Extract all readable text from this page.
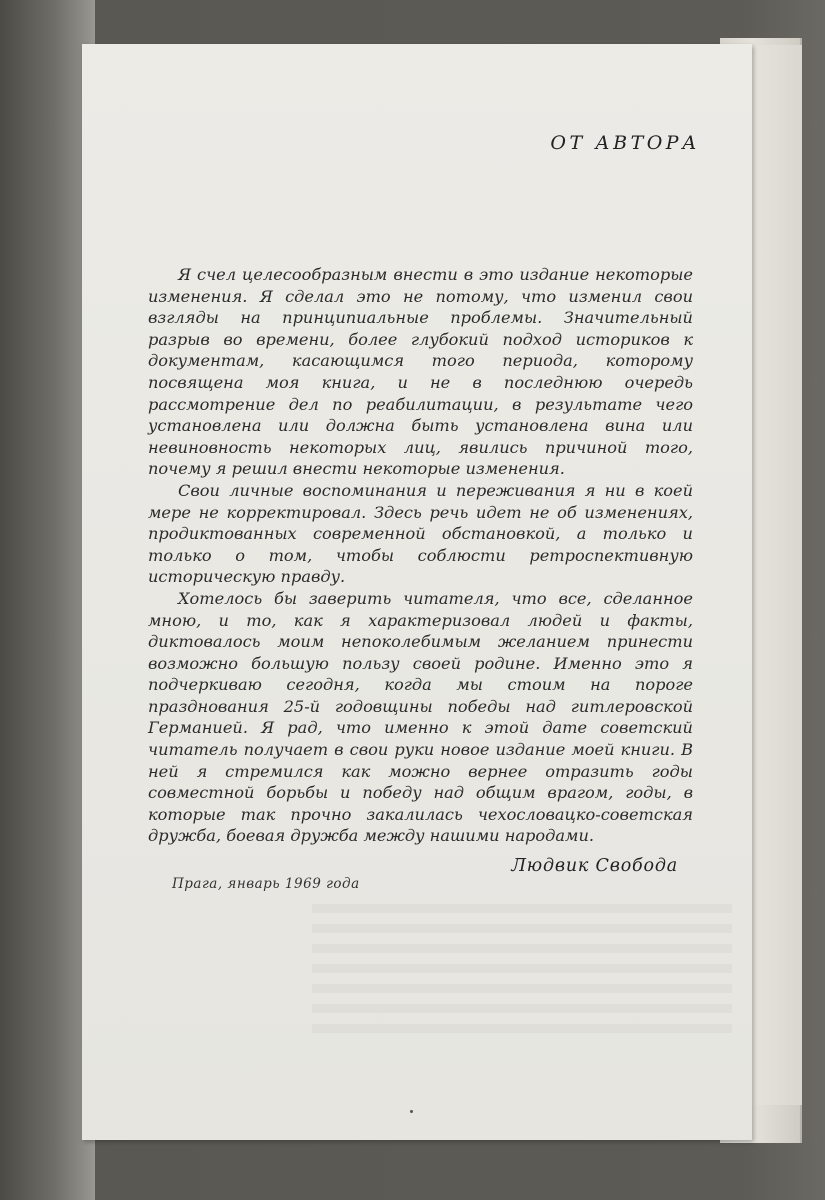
ОТ АВТОРА

Я счел целесообразным внести в это издание некоторые изменения. Я сделал это не потому, что изменил свои взгляды на принципиальные проблемы. Значительный разрыв во времени, более глубокий подход историков к документам, касающимся того периода, которому посвящена моя книга, и не в последнюю очередь рассмотрение дел по реабилитации, в результате чего установлена или должна быть установлена вина или невиновность некоторых лиц, явились причиной того, почему я решил внести некоторые изменения.

Свои личные воспоминания и переживания я ни в коей мере не корректировал. Здесь речь идет не об изменениях, продиктованных современной обстановкой, а только и только о том, чтобы соблюсти ретроспективную историческую правду.

Хотелось бы заверить читателя, что все, сделанное мною, и то, как я характеризовал людей и факты, диктовалось моим непоколебимым желанием принести возможно большую пользу своей родине. Именно это я подчеркиваю сегодня, когда мы стоим на пороге празднования 25-й годовщины победы над гитлеровской Германией. Я рад, что именно к этой дате советский читатель получает в свои руки новое издание моей книги. В ней я стремился как можно вернее отразить годы совместной борьбы и победу над общим врагом, годы, в которые так прочно закалилась чехословацко-советская дружба, боевая дружба между нашими народами.

Людвик Свобода
Прага, январь 1969 года
